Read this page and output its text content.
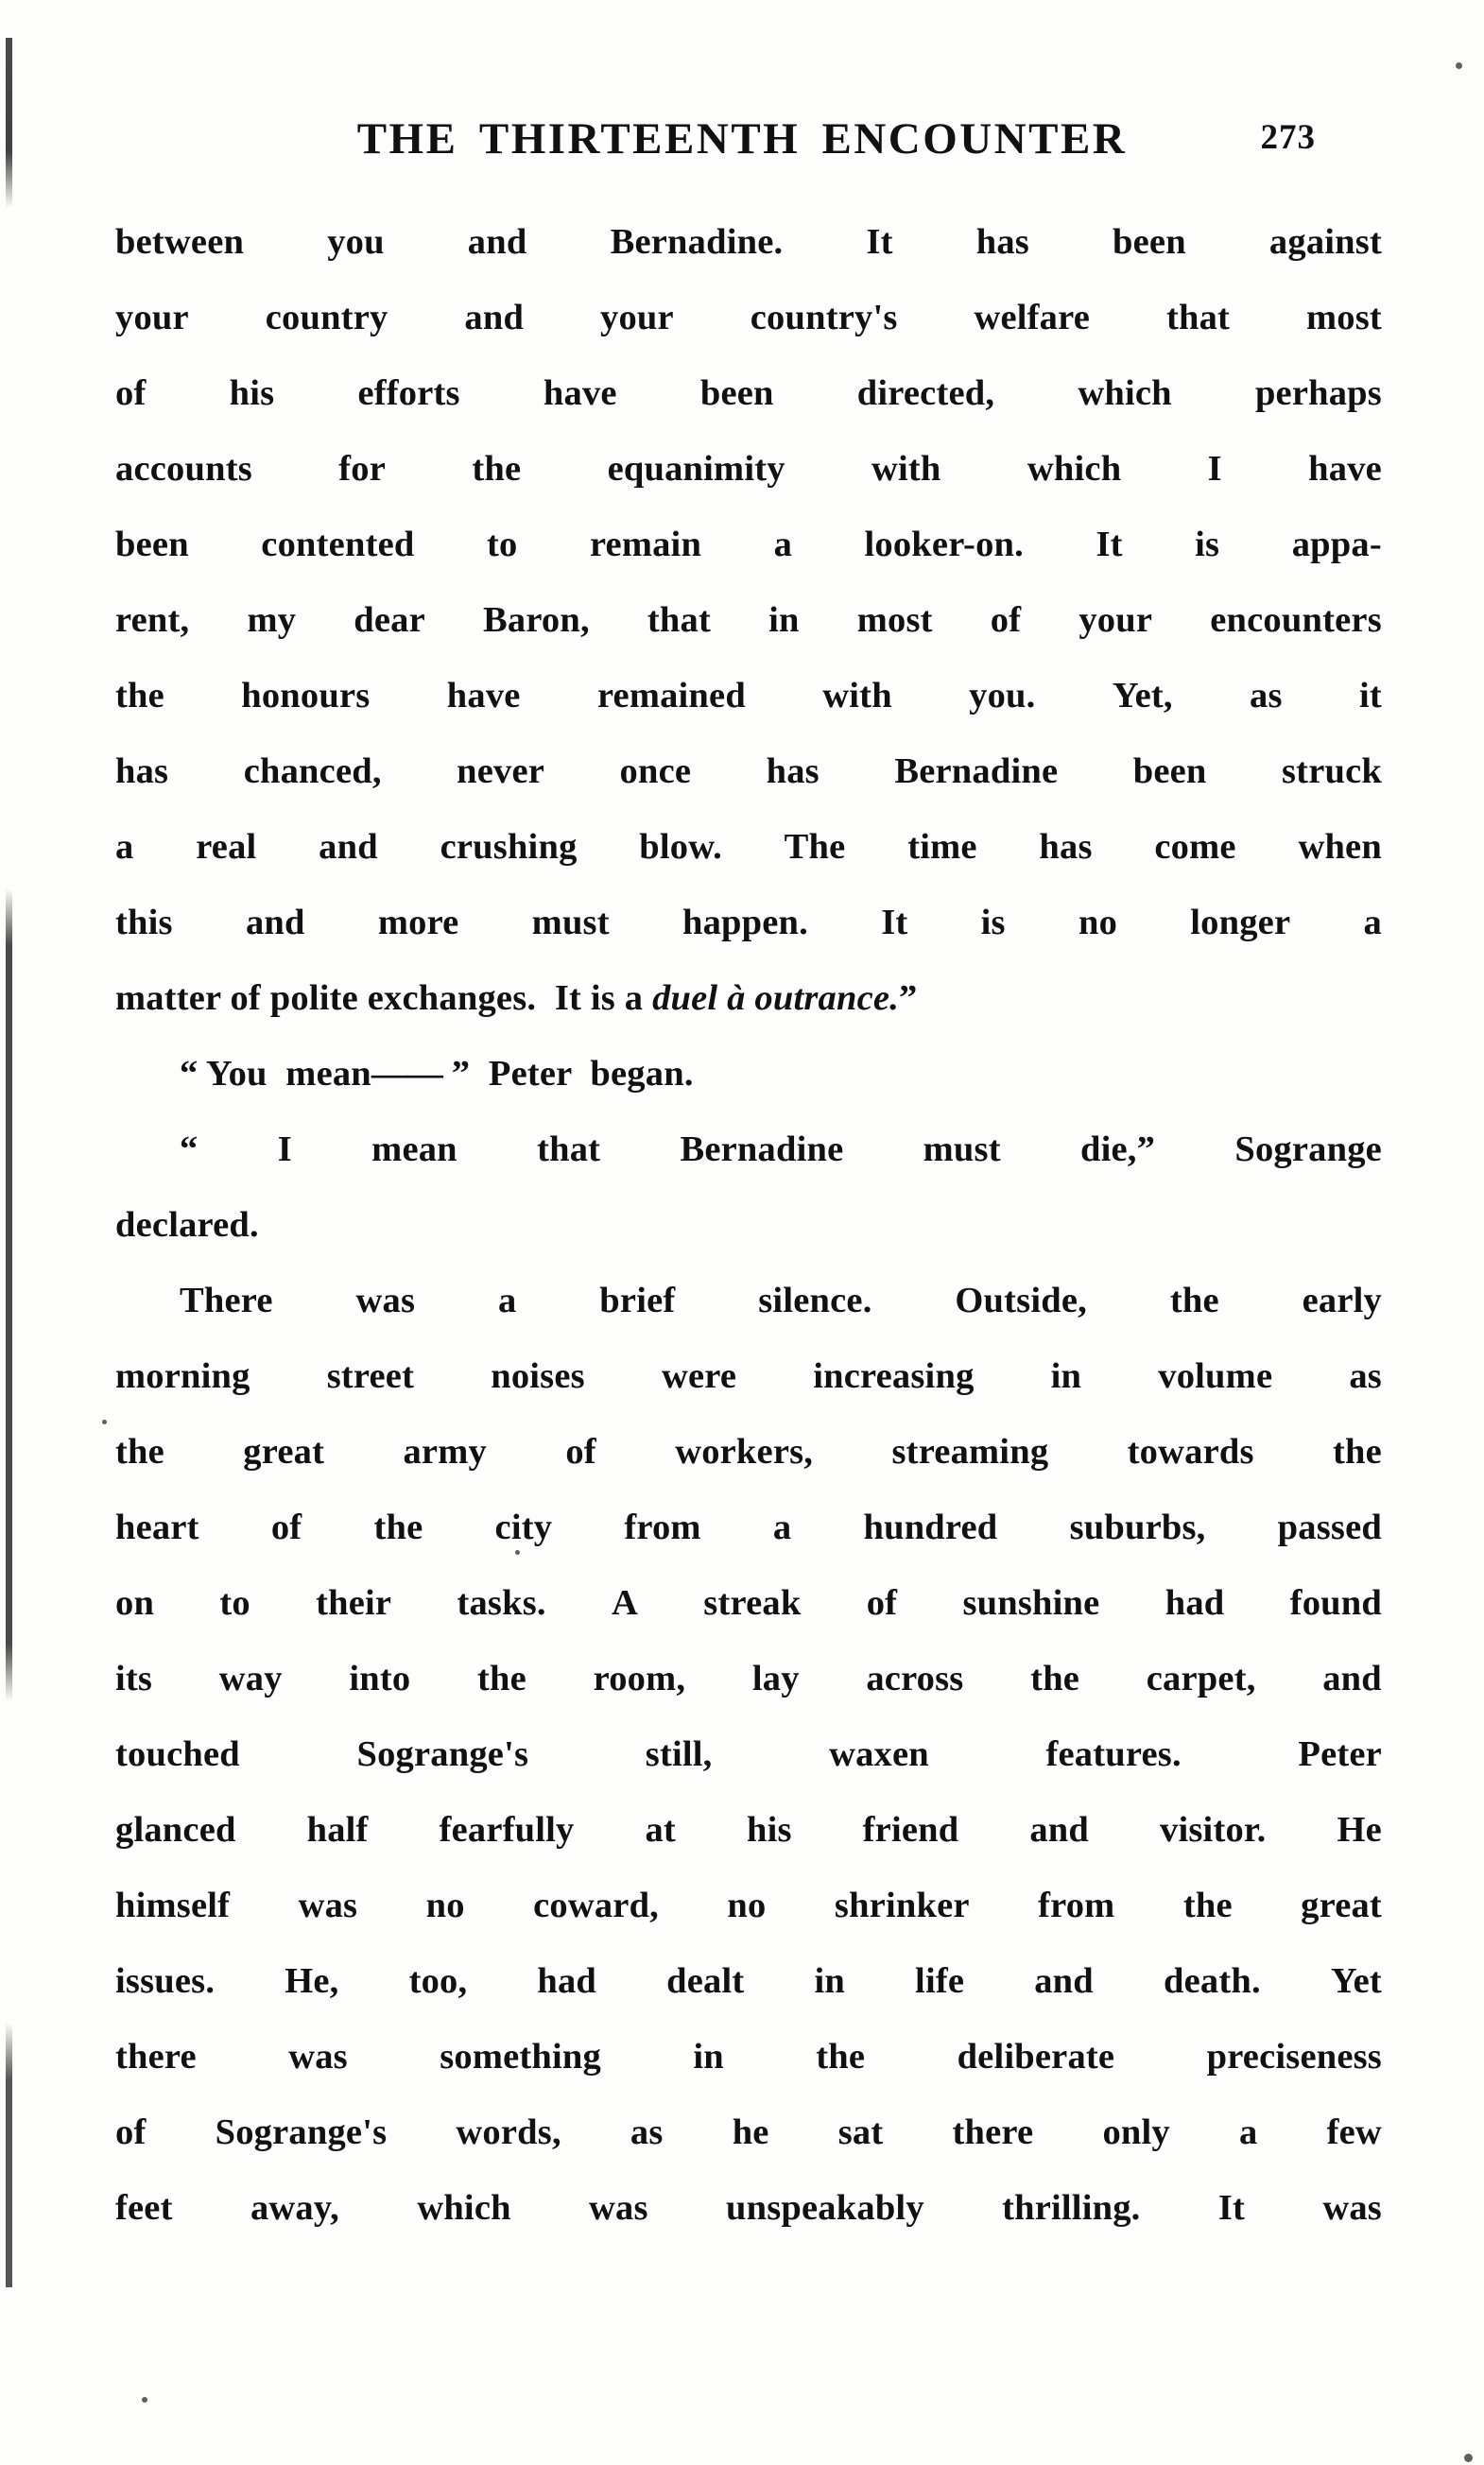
THE THIRTEENTH ENCOUNTER	273
between you and Bernadine. It has been against
your country and your country's welfare that most
of his efforts have been directed, which perhaps
accounts for the equanimity with which I have
been contented to remain a looker-on. It is appa-
rent, my dear Baron, that in most of your encounters
the honours have remained with you. Yet, as it
has chanced, never once has Bernadine been struck
a real and crushing blow. The time has come when
this and more must happen. It is no longer a
matter of polite exchanges.  It is a duel à outrance. ”
“ You  mean —— ”  Peter  began.
“ I mean that Bernadine must die,” Sogrange
declared.
There was a brief silence. Outside, the early
morning street noises were increasing in volume as
the great army of workers, streaming towards the
heart of the city from a hundred suburbs, passed
on to their tasks. A streak of sunshine had found
its way into the room, lay across the carpet, and
touched	Sogrange's	still,	waxen	features.	Peter
glanced half fearfully at his friend and visitor. He
himself was no coward, no shrinker from the great
issues. He, too, had dealt in life and death. Yet
there	was	something	in	the	deliberate	preciseness
of Sogrange's words, as he sat there only a few
feet away, which was unspeakably thrilling. It was
